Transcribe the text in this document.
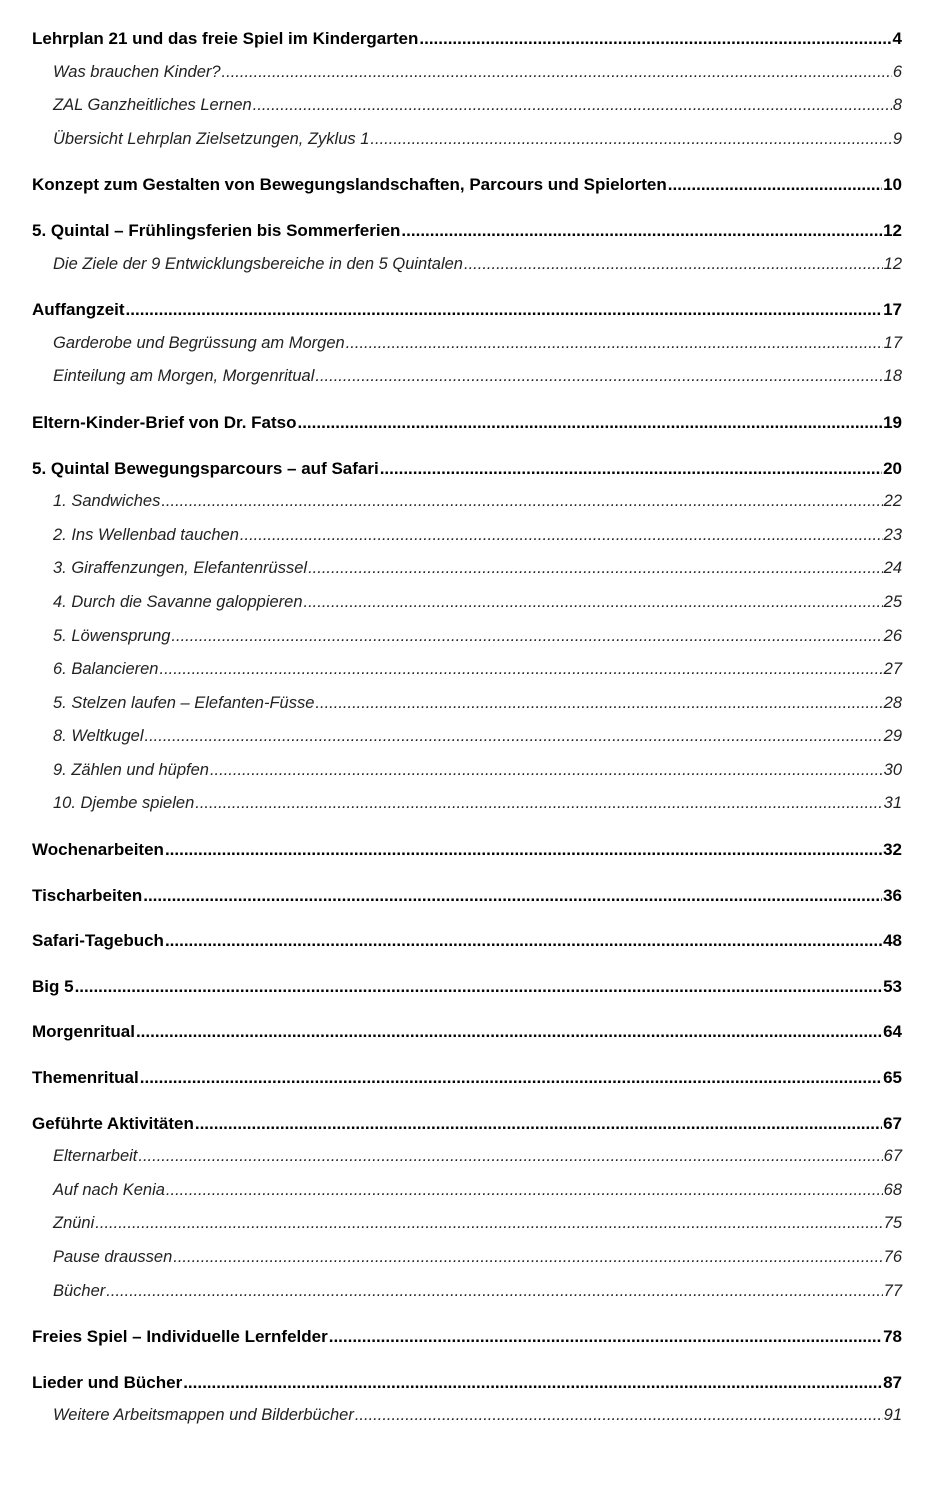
Lehrplan 21 und das freie Spiel im Kindergarten .....	4
Was brauchen Kinder? .....	6
ZAL Ganzheitliches Lernen .....	8
Übersicht Lehrplan Zielsetzungen, Zyklus 1 .....	9
Konzept zum Gestalten von Bewegungslandschaften, Parcours und Spielorten .....	10
5. Quintal – Frühlingsferien bis Sommerferien .....	12
Die Ziele der 9 Entwicklungsbereiche in den 5 Quintalen .....	12
Auffangzeit .....	17
Garderobe und Begrüssung am Morgen .....	17
Einteilung am Morgen, Morgenritual .....	18
Eltern-Kinder-Brief von Dr. Fatso .....	19
5. Quintal Bewegungsparcours – auf Safari .....	20
1. Sandwiches .....	22
2. Ins Wellenbad tauchen .....	23
3. Giraffenzungen, Elefantenrüssel .....	24
4. Durch die Savanne galoppieren .....	25
5. Löwensprung .....	26
6. Balancieren .....	27
5. Stelzen laufen – Elefanten-Füsse .....	28
8. Weltkugel .....	29
9. Zählen und hüpfen .....	30
10. Djembe spielen .....	31
Wochenarbeiten .....	32
Tischarbeiten .....	36
Safari-Tagebuch .....	48
Big 5 .....	53
Morgenritual .....	64
Themenritual .....	65
Geführte Aktivitäten .....	67
Elternarbeit .....	67
Auf nach Kenia .....	68
Znüni .....	75
Pause draussen .....	76
Bücher .....	77
Freies Spiel – Individuelle Lernfelder .....	78
Lieder und Bücher .....	87
Weitere Arbeitsmappen und Bilderbücher .....	91
